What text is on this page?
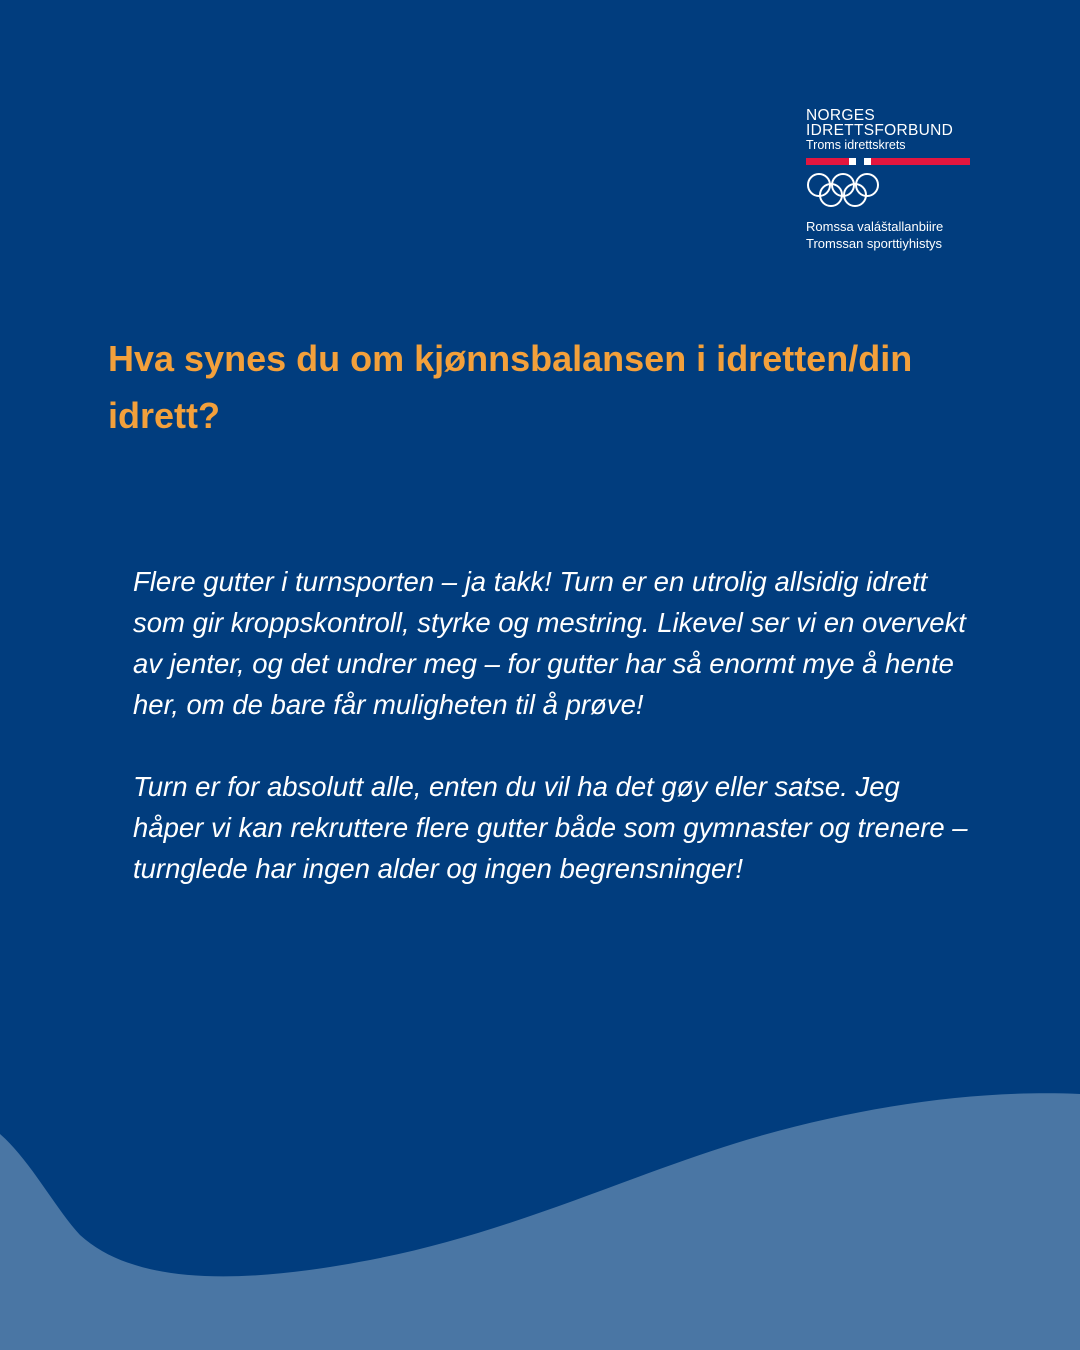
NORGES
IDRETTSFORBUND
Troms idrettskrets
Romssa valáštallanbiire
Tromssan sporttiyhistys
Hva synes du om kjønnsbalansen i idretten/din idrett?

Flere gutter i turnsporten – ja takk! Turn er en utrolig allsidig idrett som gir kroppskontroll, styrke og mestring. Likevel ser vi en overvekt av jenter, og det undrer meg – for gutter har så enormt mye å hente her, om de bare får muligheten til å prøve!

Turn er for absolutt alle, enten du vil ha det gøy eller satse. Jeg håper vi kan rekruttere flere gutter både som gymnaster og trenere – turnglede har ingen alder og ingen begrensninger!
